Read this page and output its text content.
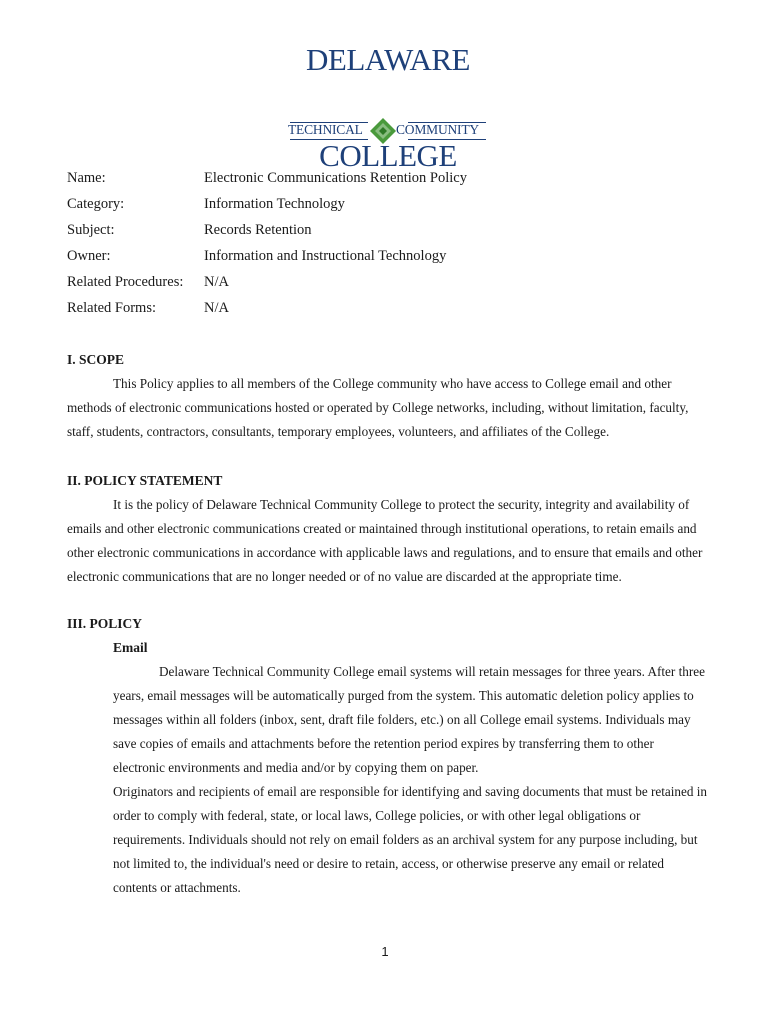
DELAWARE
TECHNICAL COMMUNITY
COLLEGE
Name:	Electronic Communications Retention Policy
Category:	Information Technology
Subject:	Records Retention
Owner:	Information and Instructional Technology
Related Procedures: N/A
Related Forms:	N/A
I. SCOPE
This Policy applies to all members of the College community who have access to College email and other methods of electronic communications hosted or operated by College networks, including, without limitation, faculty, staff, students, contractors, consultants, temporary employees, volunteers, and affiliates of the College.
II. POLICY STATEMENT
It is the policy of Delaware Technical Community College to protect the security, integrity and availability of emails and other electronic communications created or maintained through institutional operations, to retain emails and other electronic communications in accordance with applicable laws and regulations, and to ensure that emails and other electronic communications that are no longer needed or of no value are discarded at the appropriate time.
III. POLICY
Email
Delaware Technical Community College email systems will retain messages for three years. After three years, email messages will be automatically purged from the system. This automatic deletion policy applies to messages within all folders (inbox, sent, draft file folders, etc.) on all College email systems. Individuals may save copies of emails and attachments before the retention period expires by transferring them to other electronic environments and media and/or by copying them on paper.
Originators and recipients of email are responsible for identifying and saving documents that must be retained in order to comply with federal, state, or local laws, College policies, or with other legal obligations or requirements. Individuals should not rely on email folders as an archival system for any purpose including, but not limited to, the individual's need or desire to retain, access, or otherwise preserve any email or related contents or attachments.
1
